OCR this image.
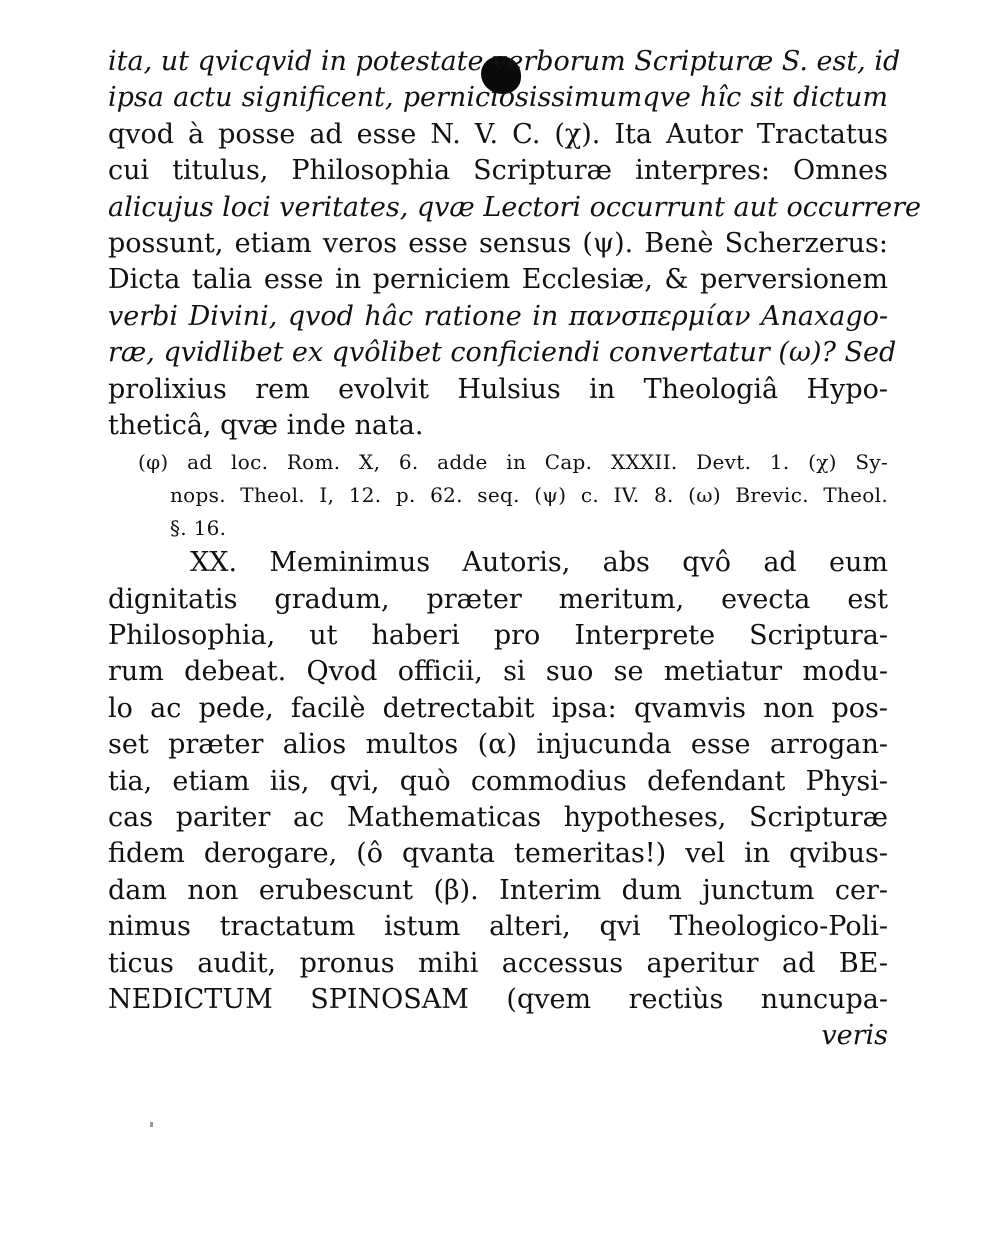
ita, ut qvicqvid in potestate verborum Scripturæ S. est, id
ipsa actu significent, perniciosissimumqve hîc sit dictum
qvod à posse ad esse N. V. C. (χ). Ita Autor Tractatus
cui titulus, Philosophia Scripturæ interpres: Omnes
alicujus loci veritates, qvæ Lectori occurrunt aut occurrere
possunt, etiam veros esse sensus (ψ). Benè Scherzerus:
Dicta talia esse in perniciem Ecclesiæ, & perversionem
verbi Divini, qvod hâc ratione in πανσπερμίαν Anaxago-
ræ, qvidlibet ex qvôlibet conficiendi convertatur (ω)? Sed
prolixius rem evolvit Hulsius in Theologiâ Hypo-
theticâ, qvæ inde nata.
(φ) ad loc. Rom. X, 6. adde in Cap. XXXII. Devt. 1. (χ) Sy-
nops. Theol. I, 12. p. 62. seq. (ψ) c. IV. 8. (ω) Brevic. Theol.
§. 16.
XX. Meminimus Autoris, abs qvô ad eum
dignitatis gradum, præter meritum, evecta est
Philosophia, ut haberi pro Interprete Scriptura-
rum debeat. Qvod officii, si suo se metiatur modu-
lo ac pede, facilè detrectabit ipsa: qvamvis non pos-
set præter alios multos (α) injucunda esse arrogan-
tia, etiam iis, qvi, quò commodius defendant Physi-
cas pariter ac Mathematicas hypotheses, Scripturæ
fidem derogare, (ô qvanta temeritas!) vel in qvibus-
dam non erubescunt (β). Interim dum junctum cer-
nimus tractatum istum alteri, qvi Theologico-Poli-
ticus audit, pronus mihi accessus aperitur ad BE-
NEDICTUM SPINOSAM (qvem rectiùs nuncupa-
veris
